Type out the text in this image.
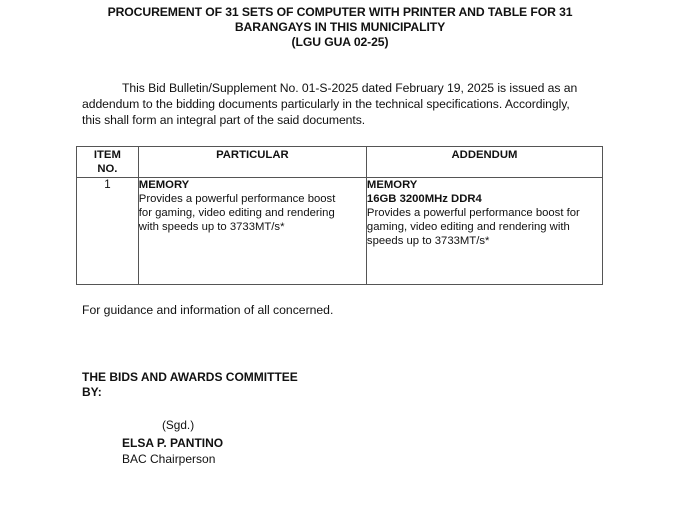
PROCUREMENT OF 31 SETS OF COMPUTER WITH PRINTER AND TABLE FOR 31
BARANGAYS IN THIS MUNICIPALITY
(LGU GUA 02-25)
This Bid Bulletin/Supplement No. 01-S-2025 dated February 19, 2025 is issued as an
addendum to the bidding documents particularly in the technical specifications. Accordingly,
this shall form an integral part of the said documents.
ITEM
NO.	PARTICULAR	ADDENDUM
1	MEMORY
Provides a powerful performance boost
for gaming, video editing and rendering
with speeds up to 3733MT/s*	MEMORY
16GB 3200MHz DDR4
Provides a powerful performance boost for
gaming, video editing and rendering with
speeds up to 3733MT/s*
For guidance and information of all concerned.
THE BIDS AND AWARDS COMMITTEE
BY:
(Sgd.)
ELSA P. PANTINO
BAC Chairperson
